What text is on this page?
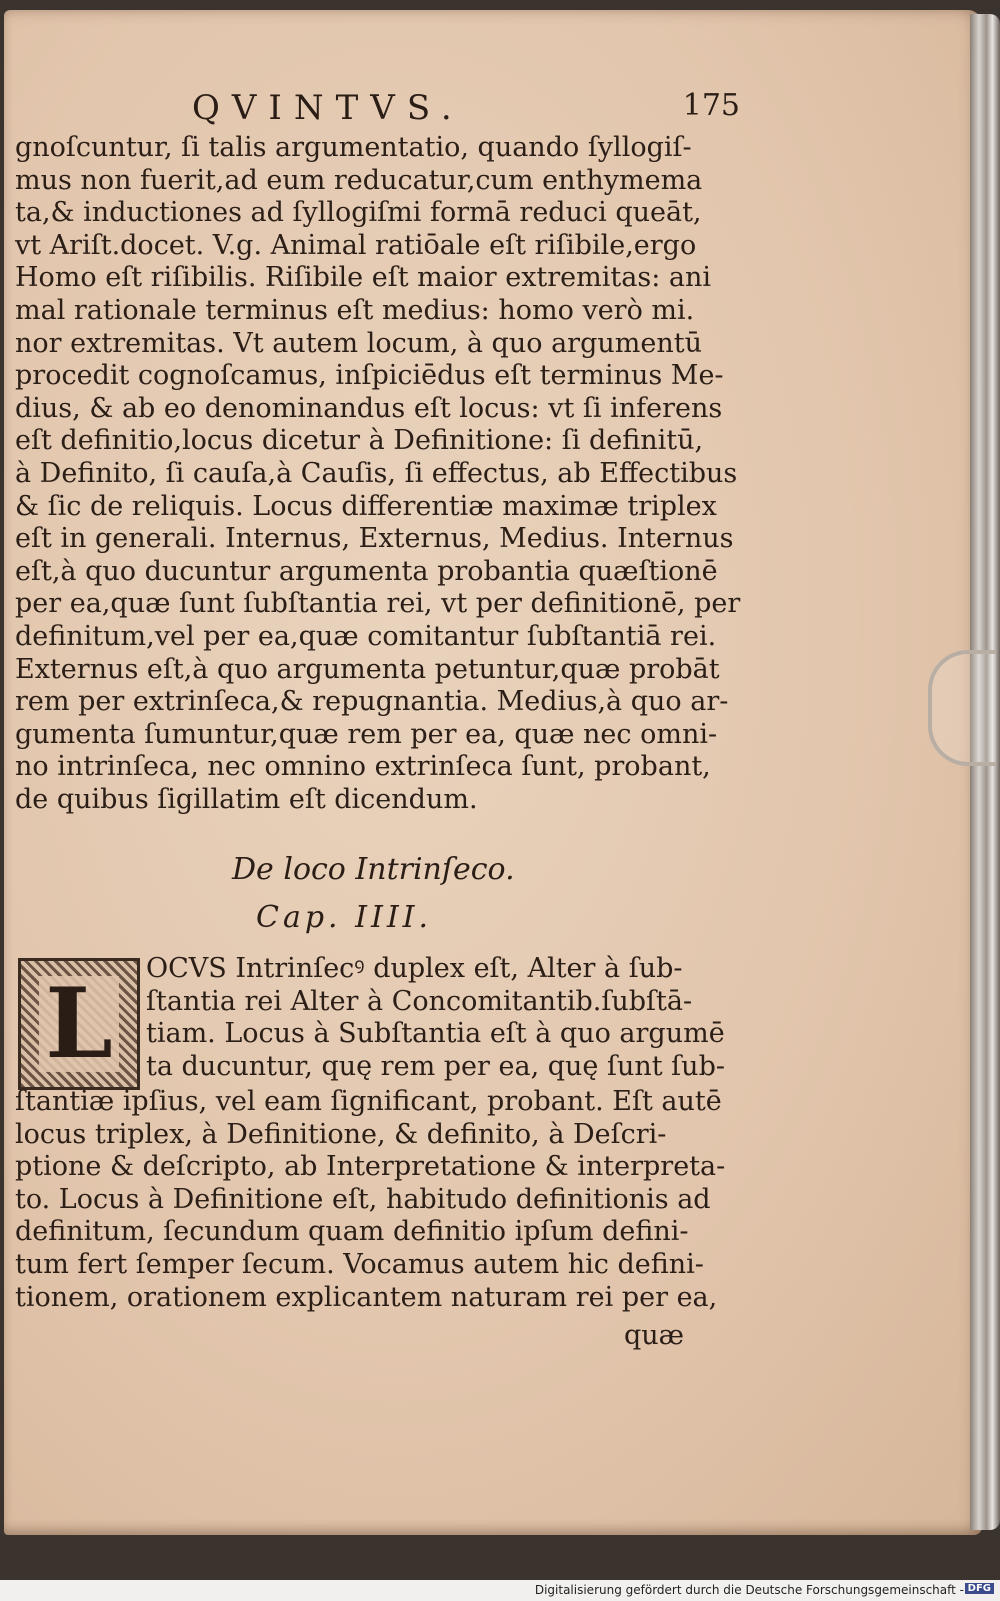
QVINTVS.	175
gnoſcuntur, ſi talis argumentatio, quando ſyllogiſ-
mus non fuerit,ad eum reducatur,cum enthymema
ta,& inductiones ad ſyllogiſmi formā reduci queāt,
vt Ariſt.docet. V.g. Animal ratiōale eſt riſibile,ergo
Homo eſt riſibilis. Riſibile eſt maior extremitas: ani
mal rationale terminus eſt medius: homo verò mi.
nor extremitas. Vt autem locum, à quo argumentū
procedit cognoſcamus, inſpiciēdus eſt terminus Me-
dius, & ab eo denominandus eſt locus: vt ſi inferens
eſt definitio,locus dicetur à Definitione: ſi definitū,
à Definito, ſi cauſa,à Cauſis, ſi effectus, ab Effectibus
& ſic de reliquis. Locus differentiæ maximæ triplex
eſt in generali. Internus, Externus, Medius. Internus
eſt,à quo ducuntur argumenta probantia quæſtionē
per ea,quæ ſunt ſubſtantia rei, vt per definitionē, per
definitum,vel per ea,quæ comitantur ſubſtantiā rei.
Externus eſt,à quo argumenta petuntur,quæ probāt
rem per extrinſeca,& repugnantia. Medius,à quo ar-
gumenta ſumuntur,quæ rem per ea, quæ nec omni-
no intrinſeca, nec omnino extrinſeca ſunt, probant,
de quibus ſigillatim eſt dicendum.
De loco Intrinſeco.
Cap. IIII.
L OCVS Intrinſecꝰ duplex eſt, Alter à ſub-
ſtantia rei Alter à Concomitantib.ſubſtā-
tiam. Locus à Subſtantia eſt à quo argumē
ta ducuntur, quę rem per ea, quę ſunt ſub-
ſtantiæ ipſius, vel eam ſignificant, probant. Eſt autē
locus triplex, à Definitione, & definito, à Deſcri-
ptione & deſcripto, ab Interpretatione & interpreta-
to. Locus à Definitione eſt, habitudo definitionis ad
definitum, ſecundum quam definitio ipſum defini-
tum fert ſemper ſecum. Vocamus autem hic defini-
tionem, orationem explicantem naturam rei per ea,
quæ
Digitalisierung gefördert durch die Deutsche Forschungsgemeinschaft - DFG
